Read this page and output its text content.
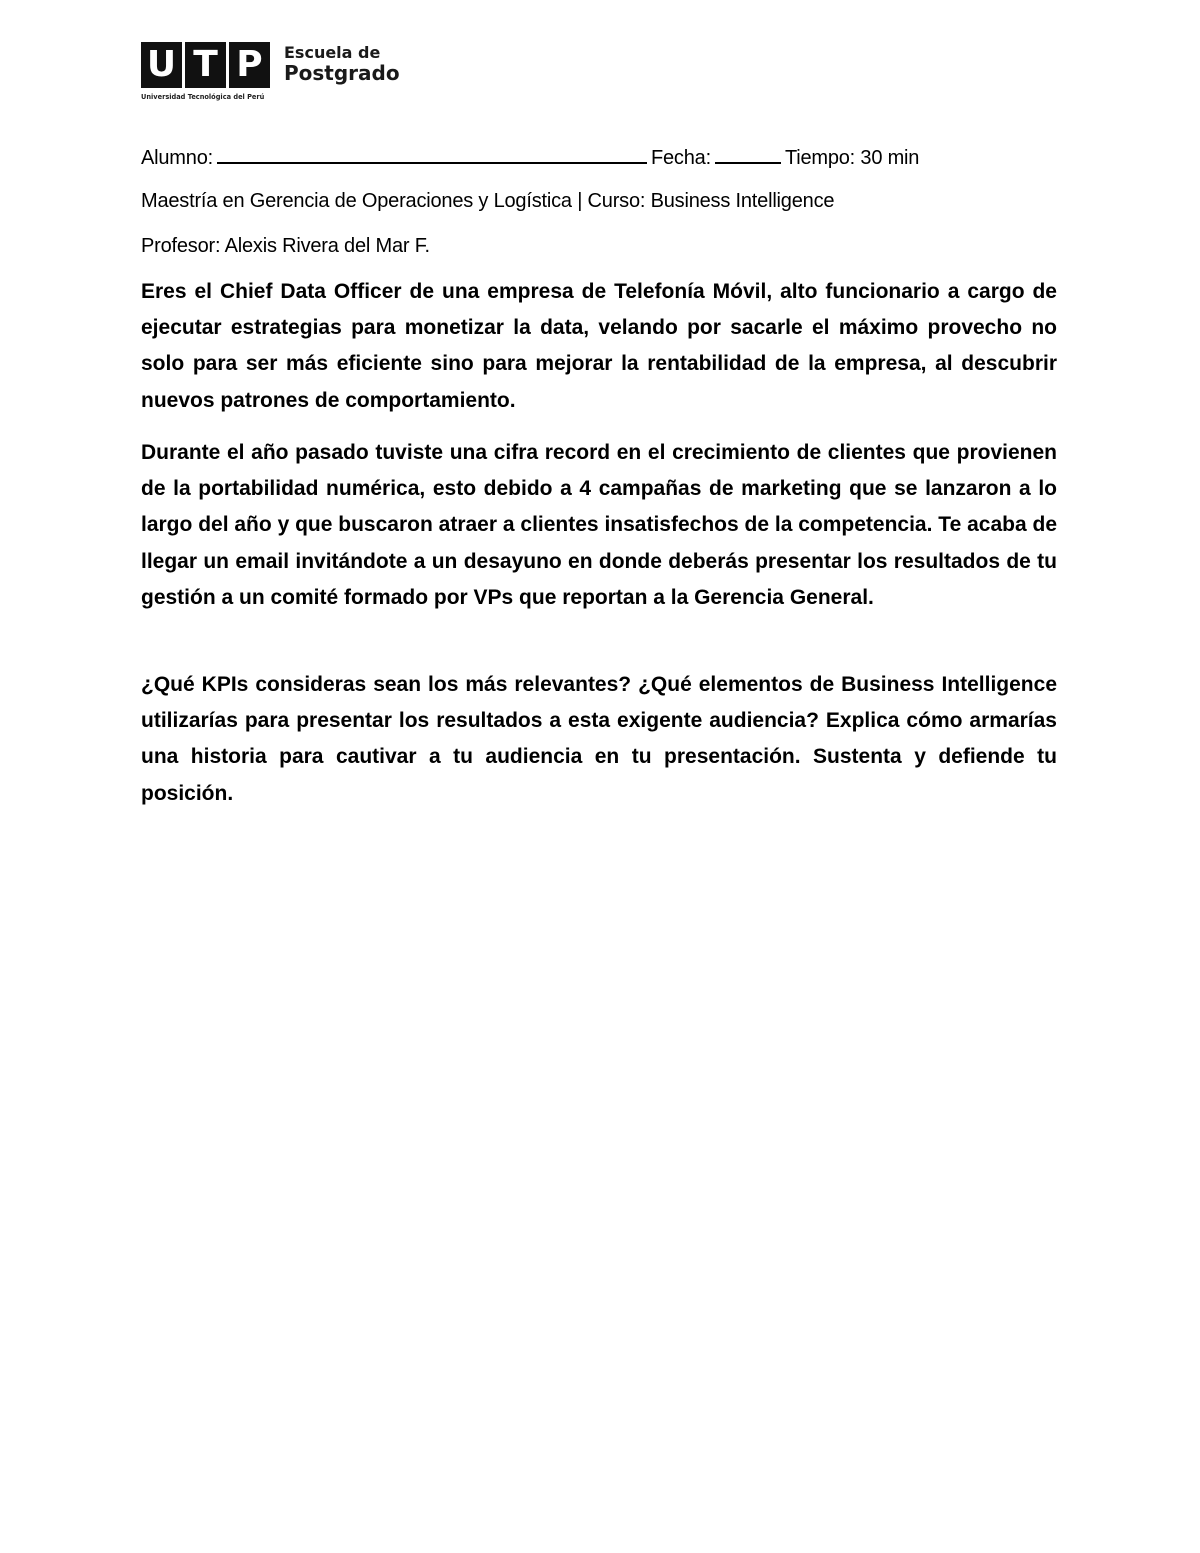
U T P	Escuela de
Postgrado
Universidad Tecnológica del Perú
Alumno:	Fecha:	Tiempo: 30 min
Maestría en Gerencia de Operaciones y Logística | Curso: Business Intelligence
Profesor: Alexis Rivera del Mar F.

Eres el Chief Data Officer de una empresa de Telefonía Móvil, alto funcionario a cargo de ejecutar estrategias para monetizar la data, velando por sacarle el máximo provecho no solo para ser más eficiente sino para mejorar la rentabilidad de la empresa, al descubrir nuevos patrones de comportamiento.

Durante el año pasado tuviste una cifra record en el crecimiento de clientes que provienen de la portabilidad numérica, esto debido a 4 campañas de marketing que se lanzaron a lo largo del año y que buscaron atraer a clientes insatisfechos de la competencia. Te acaba de llegar un email invitándote a un desayuno en donde deberás presentar los resultados de tu gestión a un comité formado por VPs que reportan a la Gerencia General.

¿Qué KPIs consideras sean los más relevantes? ¿Qué elementos de Business Intelligence utilizarías para presentar los resultados a esta exigente audiencia? Explica cómo armarías una historia para cautivar a tu audiencia en tu presentación. Sustenta y defiende tu posición.
